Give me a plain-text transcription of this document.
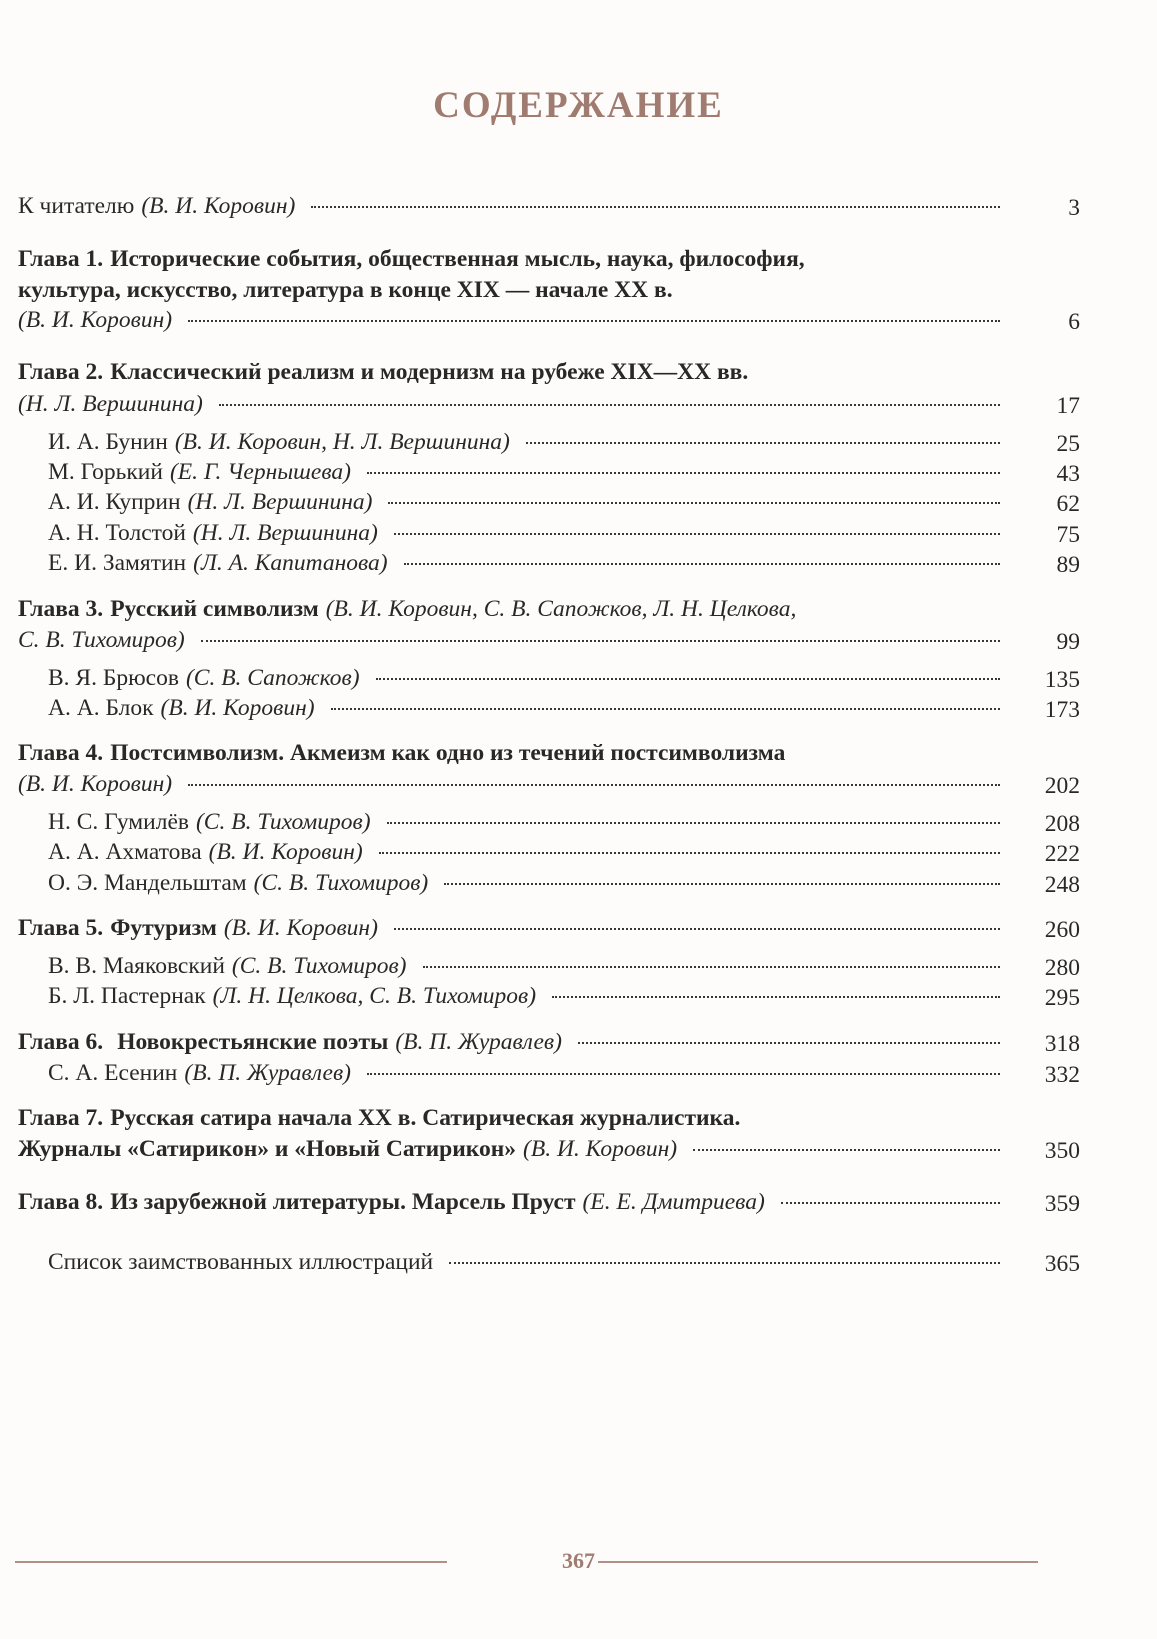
СОДЕРЖАНИЕ
К читателю (В. И. Коровин)	3
Глава 1. Исторические события, общественная мысль, наука, философия,
культура, искусство, литература в конце XIX — начале XX в.
(В. И. Коровин)	6
Глава 2. Классический реализм и модернизм на рубеже XIX—XX вв.
(Н. Л. Вершинина)	17
И. А. Бунин (В. И. Коровин, Н. Л. Вершинина)	25
М. Горький (Е. Г. Чернышева)	43
А. И. Куприн (Н. Л. Вершинина)	62
А. Н. Толстой (Н. Л. Вершинина)	75
Е. И. Замятин (Л. А. Капитанова)	89
Глава 3. Русский символизм (В. И. Коровин, С. В. Сапожков, Л. Н. Целкова,
С. В. Тихомиров)	99
В. Я. Брюсов (С. В. Сапожков)	135
А. А. Блок (В. И. Коровин)	173
Глава 4. Постсимволизм. Акмеизм как одно из течений постсимволизма
(В. И. Коровин)	202
Н. С. Гумилёв (С. В. Тихомиров)	208
А. А. Ахматова (В. И. Коровин)	222
О. Э. Мандельштам (С. В. Тихомиров)	248
Глава 5. Футуризм (В. И. Коровин)	260
В. В. Маяковский (С. В. Тихомиров)	280
Б. Л. Пастернак (Л. Н. Целкова, С. В. Тихомиров)	295
Глава 6. Новокрестьянские поэты (В. П. Журавлев)	318
С. А. Есенин (В. П. Журавлев)	332
Глава 7. Русская сатира начала XX в. Сатирическая журналистика.
Журналы «Сатирикон» и «Новый Сатирикон» (В. И. Коровин)	350
Глава 8. Из зарубежной литературы. Марсель Пруст (Е. Е. Дмитриева)	359
Список заимствованных иллюстраций	365
367
